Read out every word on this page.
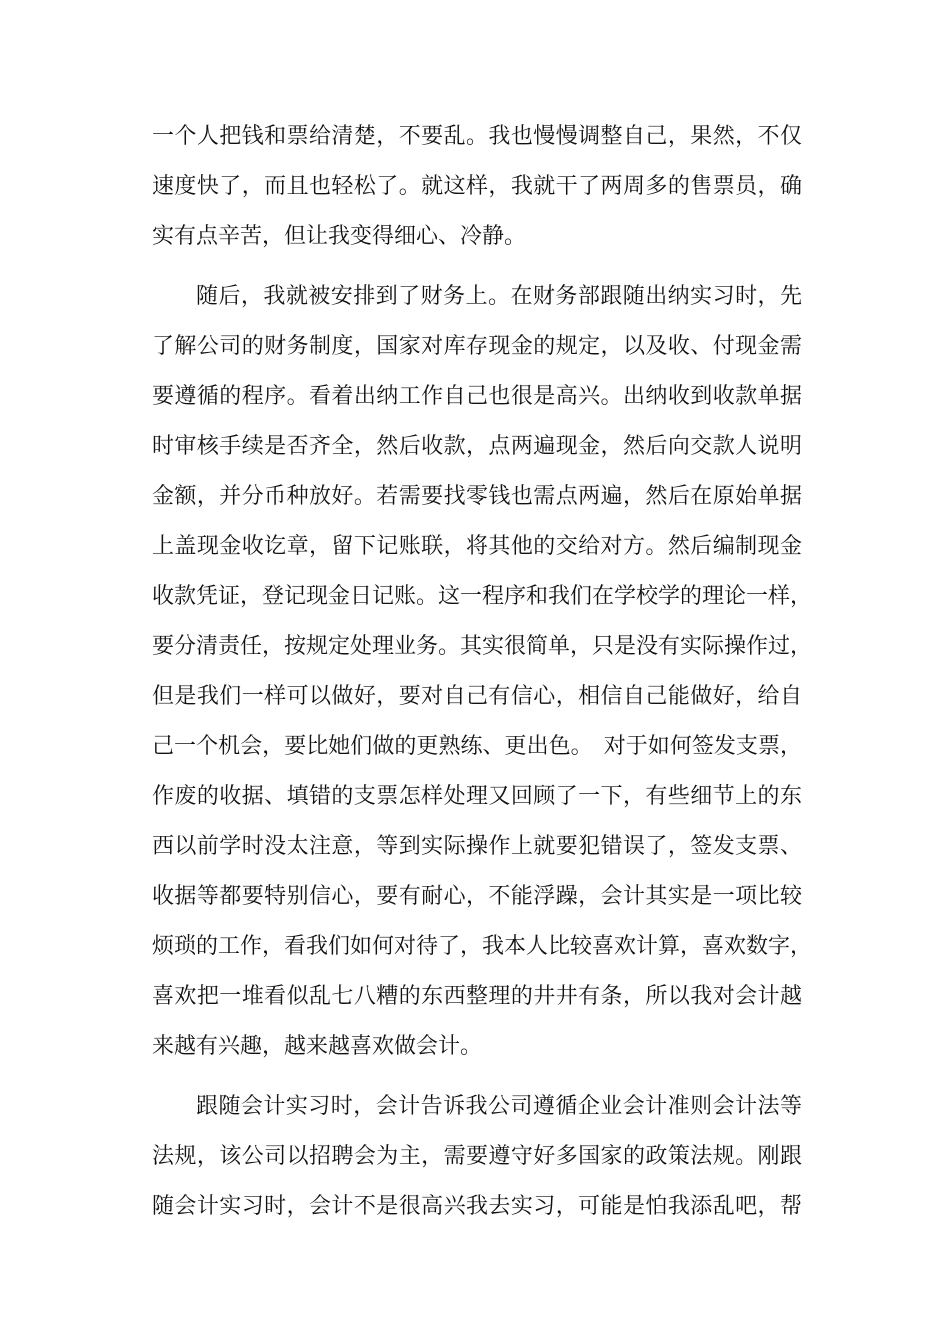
一个人把钱和票给清楚，不要乱。我也慢慢调整自己，果然，不仅
速度快了，而且也轻松了。就这样，我就干了两周多的售票员，确
实有点辛苦，但让我变得细心、冷静。
随后，我就被安排到了财务上。在财务部跟随出纳实习时，先
了解公司的财务制度，国家对库存现金的规定，以及收、付现金需
要遵循的程序。看着出纳工作自己也很是高兴。出纳收到收款单据
时审核手续是否齐全，然后收款，点两遍现金，然后向交款人说明
金额，并分币种放好。若需要找零钱也需点两遍，然后在原始单据
上盖现金收讫章，留下记账联，将其他的交给对方。然后编制现金
收款凭证，登记现金日记账。这一程序和我们在学校学的理论一样，
要分清责任，按规定处理业务。其实很简单，只是没有实际操作过，
但是我们一样可以做好，要对自己有信心，相信自己能做好，给自
己一个机会，要比她们做的更熟练、更出色。　对于如何签发支票，
作废的收据、填错的支票怎样处理又回顾了一下，有些细节上的东
西以前学时没太注意，等到实际操作上就要犯错误了，签发支票、
收据等都要特别信心，要有耐心，不能浮躁，会计其实是一项比较
烦琐的工作，看我们如何对待了，我本人比较喜欢计算，喜欢数字，
喜欢把一堆看似乱七八糟的东西整理的井井有条，所以我对会计越
来越有兴趣，越来越喜欢做会计。
跟随会计实习时，会计告诉我公司遵循企业会计准则会计法等
法规，该公司以招聘会为主，需要遵守好多国家的政策法规。刚跟
随会计实习时，会计不是很高兴我去实习，可能是怕我添乱吧，帮
